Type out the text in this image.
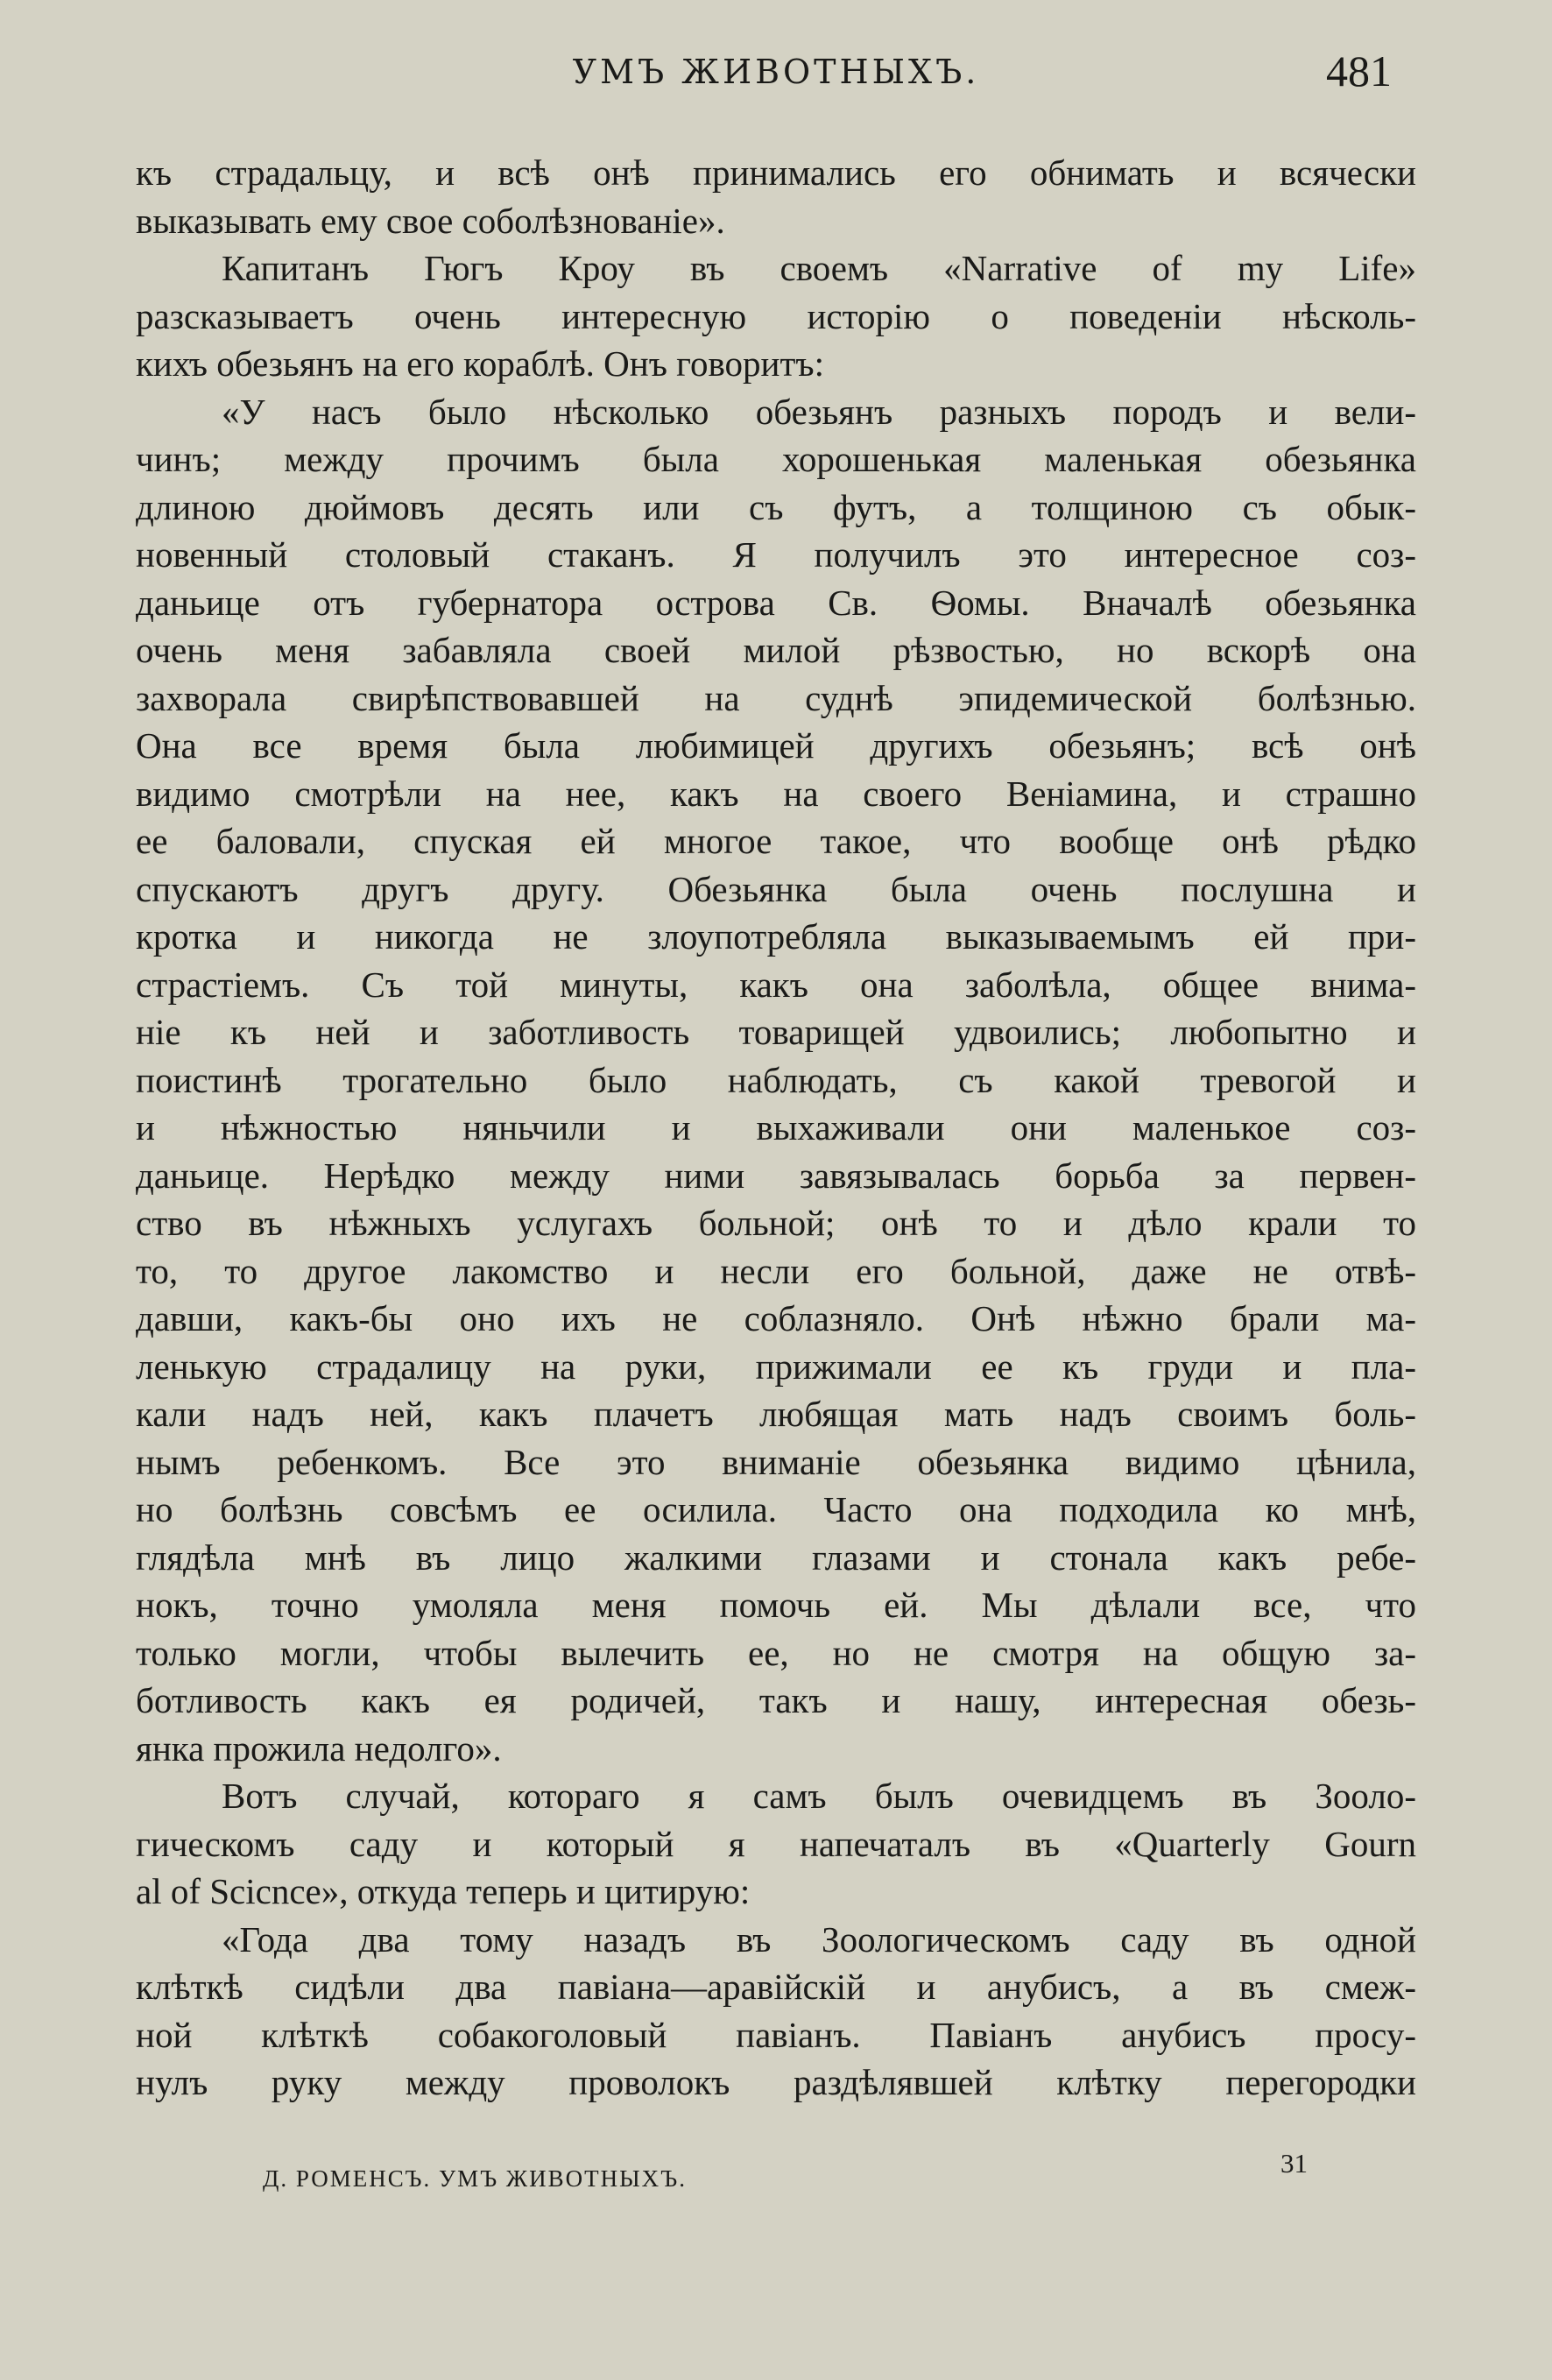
УМЪ ЖИВОТНЫХЪ.	481
къ страдальцу, и всѣ онѣ принимались его обнимать и всячески
выказывать ему свое соболѣзнованіе».
Капитанъ Гюгъ Кроу въ своемъ «Narrative of my Life»
разсказываетъ очень интересную исторію о поведеніи нѣсколь-
кихъ обезьянъ на его кораблѣ. Онъ говоритъ:
«У насъ было нѣсколько обезьянъ разныхъ породъ и вели-
чинъ; между прочимъ была хорошенькая маленькая обезьянка
длиною дюймовъ десять или съ футъ, а толщиною съ обык-
новенный столовый стаканъ. Я получилъ это интересное соз-
даньице отъ губернатора острова Св. Ѳомы. Вначалѣ обезьянка
очень меня забавляла своей милой рѣзвостью, но вскорѣ она
захворала свирѣпствовавшей на суднѣ эпидемической болѣзнью.
Она все время была любимицей другихъ обезьянъ; всѣ онѣ
видимо смотрѣли на нее, какъ на своего Веніамина, и страшно
ее баловали, спуская ей многое такое, что вообще онѣ рѣдко
спускаютъ другъ другу. Обезьянка была очень послушна и
кротка и никогда не злоупотребляла выказываемымъ ей при-
страстіемъ. Съ той минуты, какъ она заболѣла, общее внима-
ніе къ ней и заботливость товарищей удвоились; любопытно и
поистинѣ трогательно было наблюдать, съ какой тревогой и
и нѣжностью няньчили и выхаживали они маленькое соз-
даньице. Нерѣдко между ними завязывалась борьба за первен-
ство въ нѣжныхъ услугахъ больной; онѣ то и дѣло крали то
то, то другое лакомство и несли его больной, даже не отвѣ-
давши, какъ-бы оно ихъ не соблазняло. Онѣ нѣжно брали ма-
ленькую страдалицу на руки, прижимали ее къ груди и пла-
кали надъ ней, какъ плачетъ любящая мать надъ своимъ боль-
нымъ ребенкомъ. Все это вниманіе обезьянка видимо цѣнила,
но болѣзнь совсѣмъ ее осилила. Часто она подходила ко мнѣ,
глядѣла мнѣ въ лицо жалкими глазами и стонала какъ ребе-
нокъ, точно умоляла меня помочь ей. Мы дѣлали все, что
только могли, чтобы вылечить ее, но не смотря на общую за-
ботливость какъ ея родичей, такъ и нашу, интересная обезь-
янка прожила недолго».
Вотъ случай, котораго я самъ былъ очевидцемъ въ Зооло-
гическомъ саду и который я напечаталъ въ «Quarterly Gourn
al of Scicnce», откуда теперь и цитирую:
«Года два тому назадъ въ Зоологическомъ саду въ одной
клѣткѣ сидѣли два павіана—аравійскій и анубисъ, а въ смеж-
ной клѣткѣ собакоголовый павіанъ. Павіанъ анубисъ просу-
нулъ руку между проволокъ раздѣлявшей клѣтку перегородки
Д. РОМЕНСЪ. УМЪ ЖИВОТНЫХЪ.	31
